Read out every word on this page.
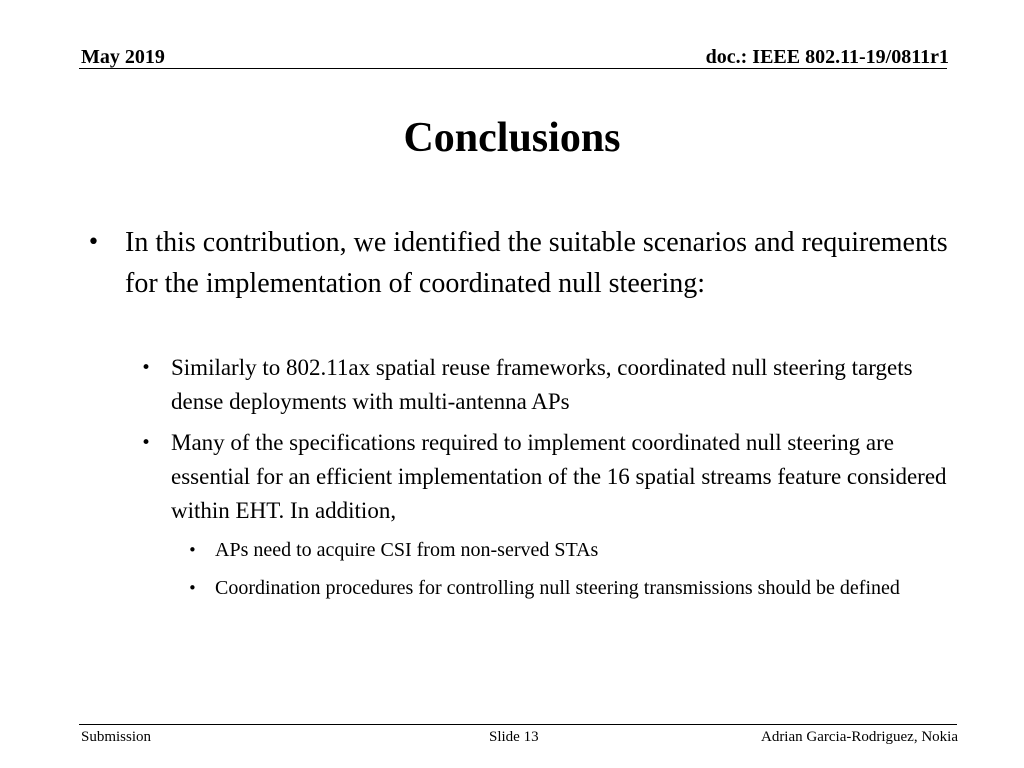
May 2019	doc.: IEEE 802.11-19/0811r1
Conclusions
• In this contribution, we identified the suitable scenarios and requirements for the implementation of coordinated null steering:
• Similarly to 802.11ax spatial reuse frameworks, coordinated null steering targets dense deployments with multi-antenna APs
• Many of the specifications required to implement coordinated null steering are essential for an efficient implementation of the 16 spatial streams feature considered within EHT. In addition,
• APs need to acquire CSI from non-served STAs
• Coordination procedures for controlling null steering transmissions should be defined
Submission	Slide 13	Adrian Garcia-Rodriguez, Nokia
